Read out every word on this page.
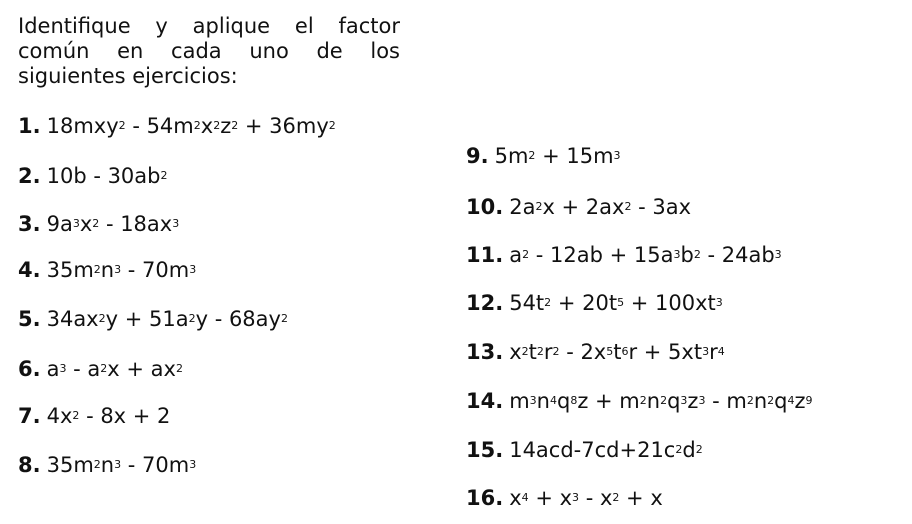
Identifique y aplique el factor común en cada uno de los siguientes ejercicios:
1. $18mxy^2 - 54m^2x^2z^2 + 36my^2$
2. $10b - 30ab^2$
3. $9a^3x^2 - 18ax^3$
4. $35m^2n^3 - 70m^3$
5. $34ax^2y + 51a^2y - 68ay^2$
6. $a^3 - a^2x + ax^2$
7. $4x^2 - 8x + 2$
8. $35m^2n^3 - 70m^3$
9. $5m^2 + 15m^3$
10. $2a^2x + 2ax^2 - 3ax$
11. $a^2 - 12ab + 15a^3b^2 - 24ab^3$
12. $54t^2 + 20t^5 + 100xt^3$
13. $x^2t^2r^2 - 2x^5t^6r + 5xt^3r^4$
14. $m^3n^4q^8z + m^2n^2q^3z^3 - m^2n^2q^4z^9$
15. $14acd-7cd+21c^2d^2$
16. $x^4 + x^3 - x^2 + x$
